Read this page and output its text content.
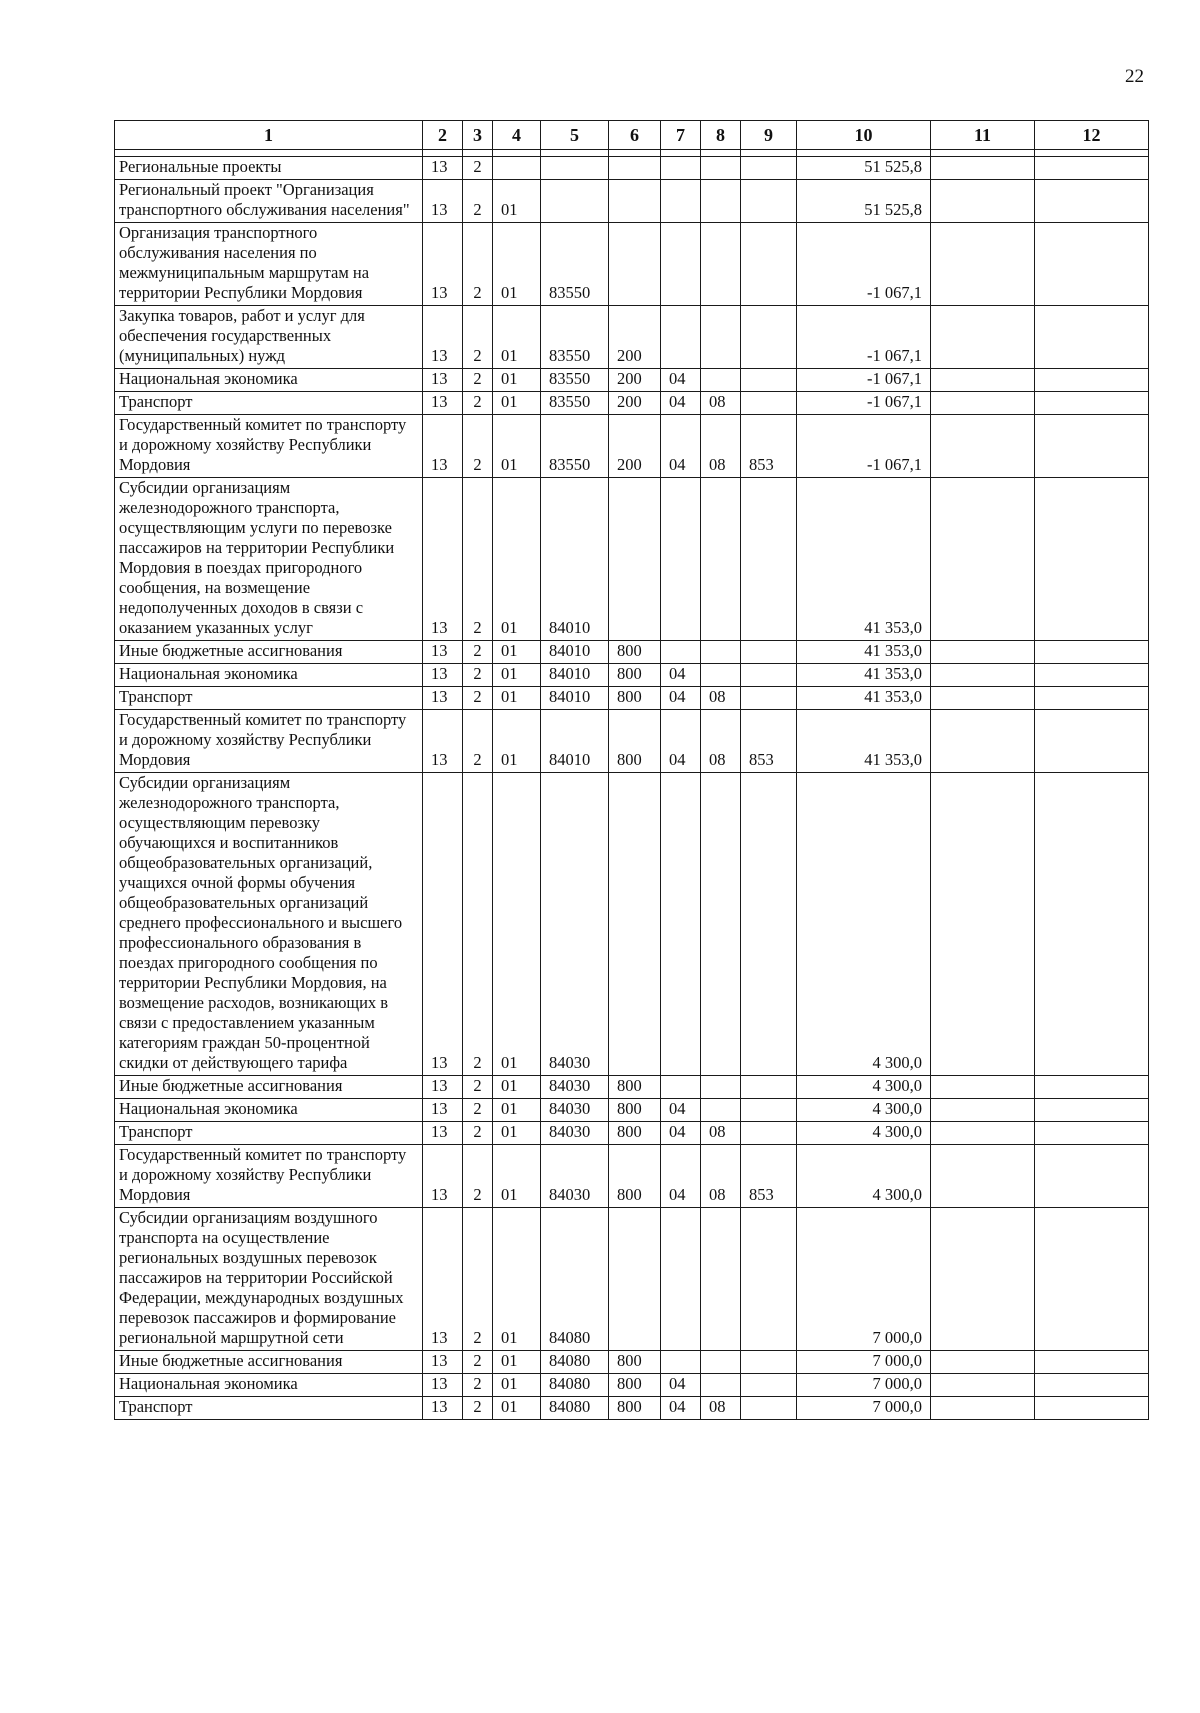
22
1	2	3	4	5	6	7	8	9	10	11	12

Региональные проекты	13	2							51 525,8		
Региональный проект "Организация транспортного обслуживания населения"	13	2	01						51 525,8		
Организация транспортного обслуживания населения по межмуниципальным маршрутам на территории Республики Мордовия	13	2	01	83550					-1 067,1		
Закупка товаров, работ и услуг для обеспечения государственных (муниципальных) нужд	13	2	01	83550	200				-1 067,1		
Национальная экономика	13	2	01	83550	200	04			-1 067,1		
Транспорт	13	2	01	83550	200	04	08		-1 067,1		
Государственный комитет по транспорту и дорожному хозяйству Республики Мордовия	13	2	01	83550	200	04	08	853	-1 067,1		
Субсидии организациям железнодорожного транспорта, осуществляющим услуги по перевозке пассажиров на территории Республики Мордовия в поездах пригородного сообщения, на возмещение недополученных доходов в связи с оказанием указанных услуг	13	2	01	84010					41 353,0		
Иные бюджетные ассигнования	13	2	01	84010	800				41 353,0		
Национальная экономика	13	2	01	84010	800	04			41 353,0		
Транспорт	13	2	01	84010	800	04	08		41 353,0		
Государственный комитет по транспорту и дорожному хозяйству Республики Мордовия	13	2	01	84010	800	04	08	853	41 353,0		
Субсидии организациям железнодорожного транспорта, осуществляющим перевозку обучающихся и воспитанников общеобразовательных организаций, учащихся очной формы обучения общеобразовательных организаций среднего профессионального и высшего профессионального образования в поездах пригородного сообщения по территории Республики Мордовия, на возмещение расходов, возникающих в связи с предоставлением указанным категориям граждан 50-процентной скидки от действующего тарифа	13	2	01	84030					4 300,0		
Иные бюджетные ассигнования	13	2	01	84030	800				4 300,0		
Национальная экономика	13	2	01	84030	800	04			4 300,0		
Транспорт	13	2	01	84030	800	04	08		4 300,0		
Государственный комитет по транспорту и дорожному хозяйству Республики Мордовия	13	2	01	84030	800	04	08	853	4 300,0		
Субсидии организациям воздушного транспорта на осуществление региональных воздушных перевозок пассажиров на территории Российской Федерации, международных воздушных перевозок пассажиров и формирование региональной маршрутной сети	13	2	01	84080					7 000,0		
Иные бюджетные ассигнования	13	2	01	84080	800				7 000,0		
Национальная экономика	13	2	01	84080	800	04			7 000,0		
Транспорт	13	2	01	84080	800	04	08		7 000,0		
